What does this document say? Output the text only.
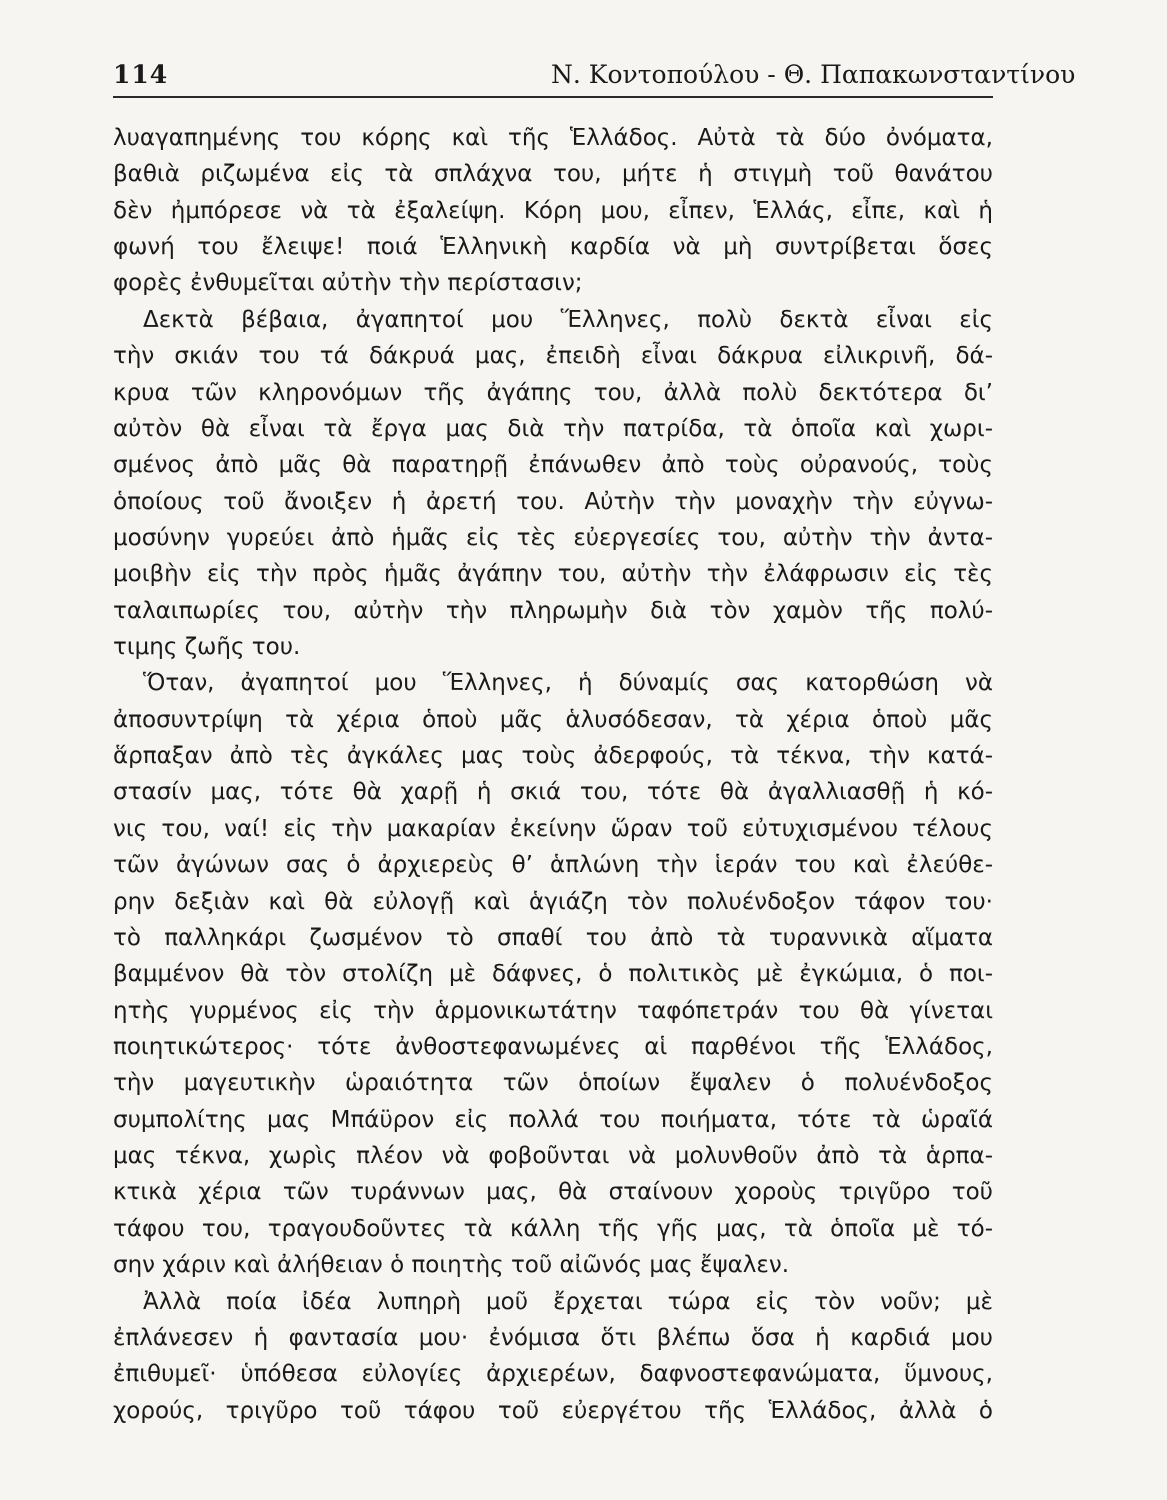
114	Ν. Κοντοπούλου - Θ. Παπακωνσταντίνου
λυαγαπημένης του κόρης καὶ τῆς Ἑλλάδος. Αὐτὰ τὰ δύο ὀνόματα,
βαθιὰ ριζωμένα εἰς τὰ σπλάχνα του, μήτε ἡ στιγμὴ τοῦ θανάτου
δὲν ἠμπόρεσε νὰ τὰ ἐξαλείψη. Κόρη μου, εἶπεν, Ἑλλάς, εἶπε, καὶ ἡ
φωνή του ἔλειψε! ποιά Ἑλληνικὴ καρδία νὰ μὴ συντρίβεται ὅσες
φορὲς ἐνθυμεῖται αὐτὴν τὴν περίστασιν;
Δεκτὰ βέβαια, ἀγαπητοί μου Ἕλληνες, πολὺ δεκτὰ εἶναι εἰς
τὴν σκιάν του τά δάκρυά μας, ἐπειδὴ εἶναι δάκρυα εἰλικρινῆ, δά-
κρυα τῶν κληρονόμων τῆς ἀγάπης του, ἀλλὰ πολὺ δεκτότερα δι’
αὐτὸν θὰ εἶναι τὰ ἔργα μας διὰ τὴν πατρίδα, τὰ ὁποῖα καὶ χωρι-
σμένος ἀπὸ μᾶς θὰ παρατηρῇ ἐπάνωθεν ἀπὸ τοὺς οὐρανούς, τοὺς
ὁποίους τοῦ ἄνοιξεν ἡ ἀρετή του. Αὐτὴν τὴν μοναχὴν τὴν εὐγνω-
μοσύνην γυρεύει ἀπὸ ἡμᾶς εἰς τὲς εὐεργεσίες του, αὐτὴν τὴν ἀντα-
μοιβὴν εἰς τὴν πρὸς ἡμᾶς ἀγάπην του, αὐτὴν τὴν ἐλάφρωσιν εἰς τὲς
ταλαιπωρίες του, αὐτὴν τὴν πληρωμὴν διὰ τὸν χαμὸν τῆς πολύ-
τιμης ζωῆς του.
Ὅταν, ἀγαπητοί μου Ἕλληνες, ἡ δύναμίς σας κατορθώση νὰ
ἀποσυντρίψη τὰ χέρια ὁποὺ μᾶς ἁλυσόδεσαν, τὰ χέρια ὁποὺ μᾶς
ἅρπαξαν ἀπὸ τὲς ἀγκάλες μας τοὺς ἀδερφούς, τὰ τέκνα, τὴν κατά-
στασίν μας, τότε θὰ χαρῇ ἡ σκιά του, τότε θὰ ἀγαλλιασθῇ ἡ κό-
νις του, ναί! εἰς τὴν μακαρίαν ἐκείνην ὥραν τοῦ εὐτυχισμένου τέλους
τῶν ἀγώνων σας ὁ ἀρχιερεὺς θ’ ἁπλώνη τὴν ἱεράν του καὶ ἐλεύθε-
ρην δεξιὰν καὶ θὰ εὐλογῇ καὶ ἁγιάζη τὸν πολυένδοξον τάφον του·
τὸ παλληκάρι ζωσμένον τὸ σπαθί του ἀπὸ τὰ τυραννικὰ αἵματα
βαμμένον θὰ τὸν στολίζη μὲ δάφνες, ὁ πολιτικὸς μὲ ἐγκώμια, ὁ ποι-
ητὴς γυρμένος εἰς τὴν ἁρμονικωτάτην ταφόπετράν του θὰ γίνεται
ποιητικώτερος· τότε ἀνθοστεφανωμένες αἱ παρθένοι τῆς Ἑλλάδος,
τὴν μαγευτικὴν ὡραιότητα τῶν ὁποίων ἔψαλεν ὁ πολυένδοξος
συμπολίτης μας Μπάϋρον εἰς πολλά του ποιήματα, τότε τὰ ὡραῖά
μας τέκνα, χωρὶς πλέον νὰ φοβοῦνται νὰ μολυνθοῦν ἀπὸ τὰ ἁρπα-
κτικὰ χέρια τῶν τυράννων μας, θὰ σταίνουν χοροὺς τριγῦρο τοῦ
τάφου του, τραγουδοῦντες τὰ κάλλη τῆς γῆς μας, τὰ ὁποῖα μὲ τό-
σην χάριν καὶ ἀλήθειαν ὁ ποιητὴς τοῦ αἰῶνός μας ἔψαλεν.
Ἀλλὰ ποία ἰδέα λυπηρὴ μοῦ ἔρχεται τώρα εἰς τὸν νοῦν; μὲ
ἐπλάνεσεν ἡ φαντασία μου· ἐνόμισα ὅτι βλέπω ὅσα ἡ καρδιά μου
ἐπιθυμεῖ· ὑπόθεσα εὐλογίες ἀρχιερέων, δαφνοστεφανώματα, ὕμνους,
χορούς, τριγῦρο τοῦ τάφου τοῦ εὐεργέτου τῆς Ἑλλάδος, ἀλλὰ ὁ
